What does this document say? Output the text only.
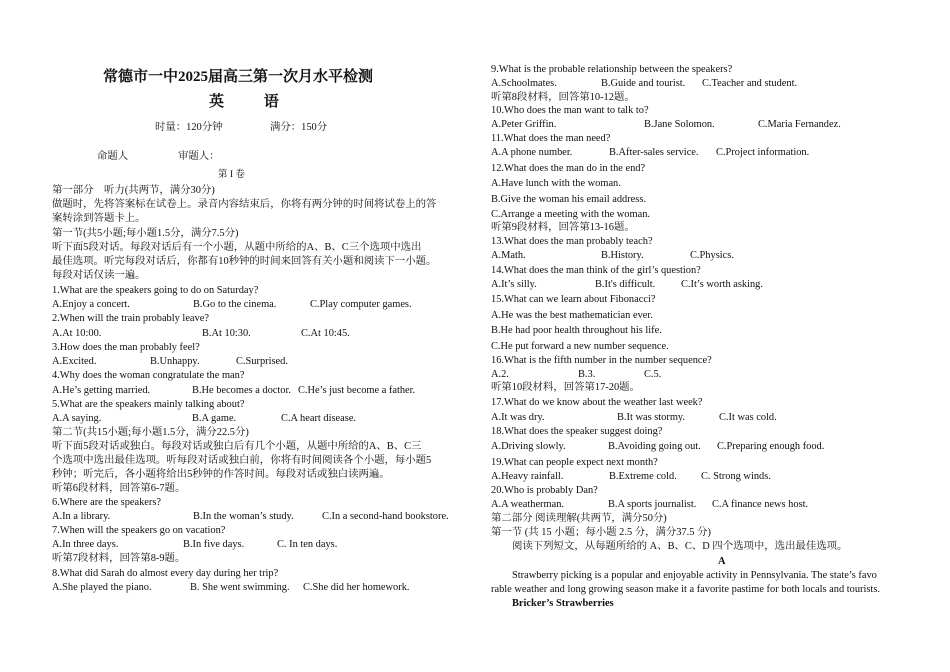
常德市一中2025届高三第一次月水平检测
英 语
时量：120分钟	满分：150分
命题人	审题人：
第 I 卷
第一部分　听力(共两节，满分30分)
做题时，先将答案标在试卷上。录音内容结束后，你将有两分钟的时间将试卷上的答
案转涂到答题卡上。
第一节(共5小题;每小题1.5分，满分7.5分)
听下面5段对话。每段对话后有一个小题，从题中所给的A、B、C三个选项中选出
最佳选项。听完每段对话后，你都有10秒钟的时间来回答有关小题和阅读下一小题。
每段对话仅读一遍。
1.What are the speakers going to do on Saturday?
A.Enjoy a concert.	B.Go to the cinema.	C.Play computer games.
2.When will the train probably leave?
A.At 10:00.	B.At 10:30.	C.At 10:45.
3.How does the man probably feel?
A.Excited.	B.Unhappy.	C.Surprised.
4.Why does the woman congratulate the man?
A.He’s getting married.	B.He becomes a doctor. C.He’s just become a father.
5.What are the speakers mainly talking about?
A.A saying.	B.A game.	C.A heart disease.
第二节(共15小题;每小题1.5分，满分22.5分)
听下面5段对话或独白。每段对话或独白后有几个小题，从题中所给的A、B、C三
个选项中选出最佳选项。听每段对话或独白前，你将有时间阅读各个小题，每小题5
秒钟；听完后，各小题将给出5秒钟的作答时间。每段对话或独白读两遍。
听第6段材料，回答第6-7题。
6.Where are the speakers?
A.In a library.	B.In the woman’s study.	C.In a second-hand bookstore.
7.When will the speakers go on vacation?
A.In three days.	B.In five days.	C. In ten days.
听第7段材料，回答第8-9题。
8.What did Sarah do almost every day during her trip?
A.She played the piano.	B. She went swimming. C.She did her homework.
9.What is the probable relationship between the speakers?
A.Schoolmates.	B.Guide and tourist. C.Teacher and student.
听第8段材料，回答第10-12题。
10.Who does the man want to talk to?
A.Peter Griffin.	B.Jane Solomon.	C.Maria Fernandez.
11.What does the man need?
A.A phone number.	B.After-sales service. C.Project information.
12.What does the man do in the end?
A.Have lunch with the woman.
B.Give the woman his email address.
C.Arrange a meeting with the woman.
听第9段材料，回答第13-16题。
13.What does the man probably teach?
A.Math.	B.History.	C.Physics.
14.What does the man think of the girl’s question?
A.It’s silly.	B.It's difficult. C.It’s worth asking.
15.What can we learn about Fibonacci?
A.He was the best mathematician ever.
B.He had poor health throughout his life.
C.He put forward a new number sequence.
16.What is the fifth number in the number sequence?
A.2.	B.3.	C.5.
听第10段材料，回答第17-20题。
17.What do we know about the weather last week?
A.It was dry.	B.It was stormy.	C.It was cold.
18.What does the speaker suggest doing?
A.Driving slowly.	B.Avoiding going out. C.Preparing enough food.
19.What can people expect next month?
A.Heavy rainfall.	B.Extreme cold. C. Strong winds.
20.Who is probably Dan?
A.A weatherman.	B.A sports journalist. C.A finance news host.
第二部分 阅读理解(共两节，满分50分)
第一节 (共 15 小题；每小题 2.5 分，满分37.5 分)
阅读下列短文，从每题所给的 A、B、C、D 四个选项中，选出最佳选项。
A
Strawberry picking is a popular and enjoyable activity in Pennsylvania. The state’s favo
rable weather and long growing season make it a favorite pastime for both locals and tourists.
Bricker’s Strawberries
